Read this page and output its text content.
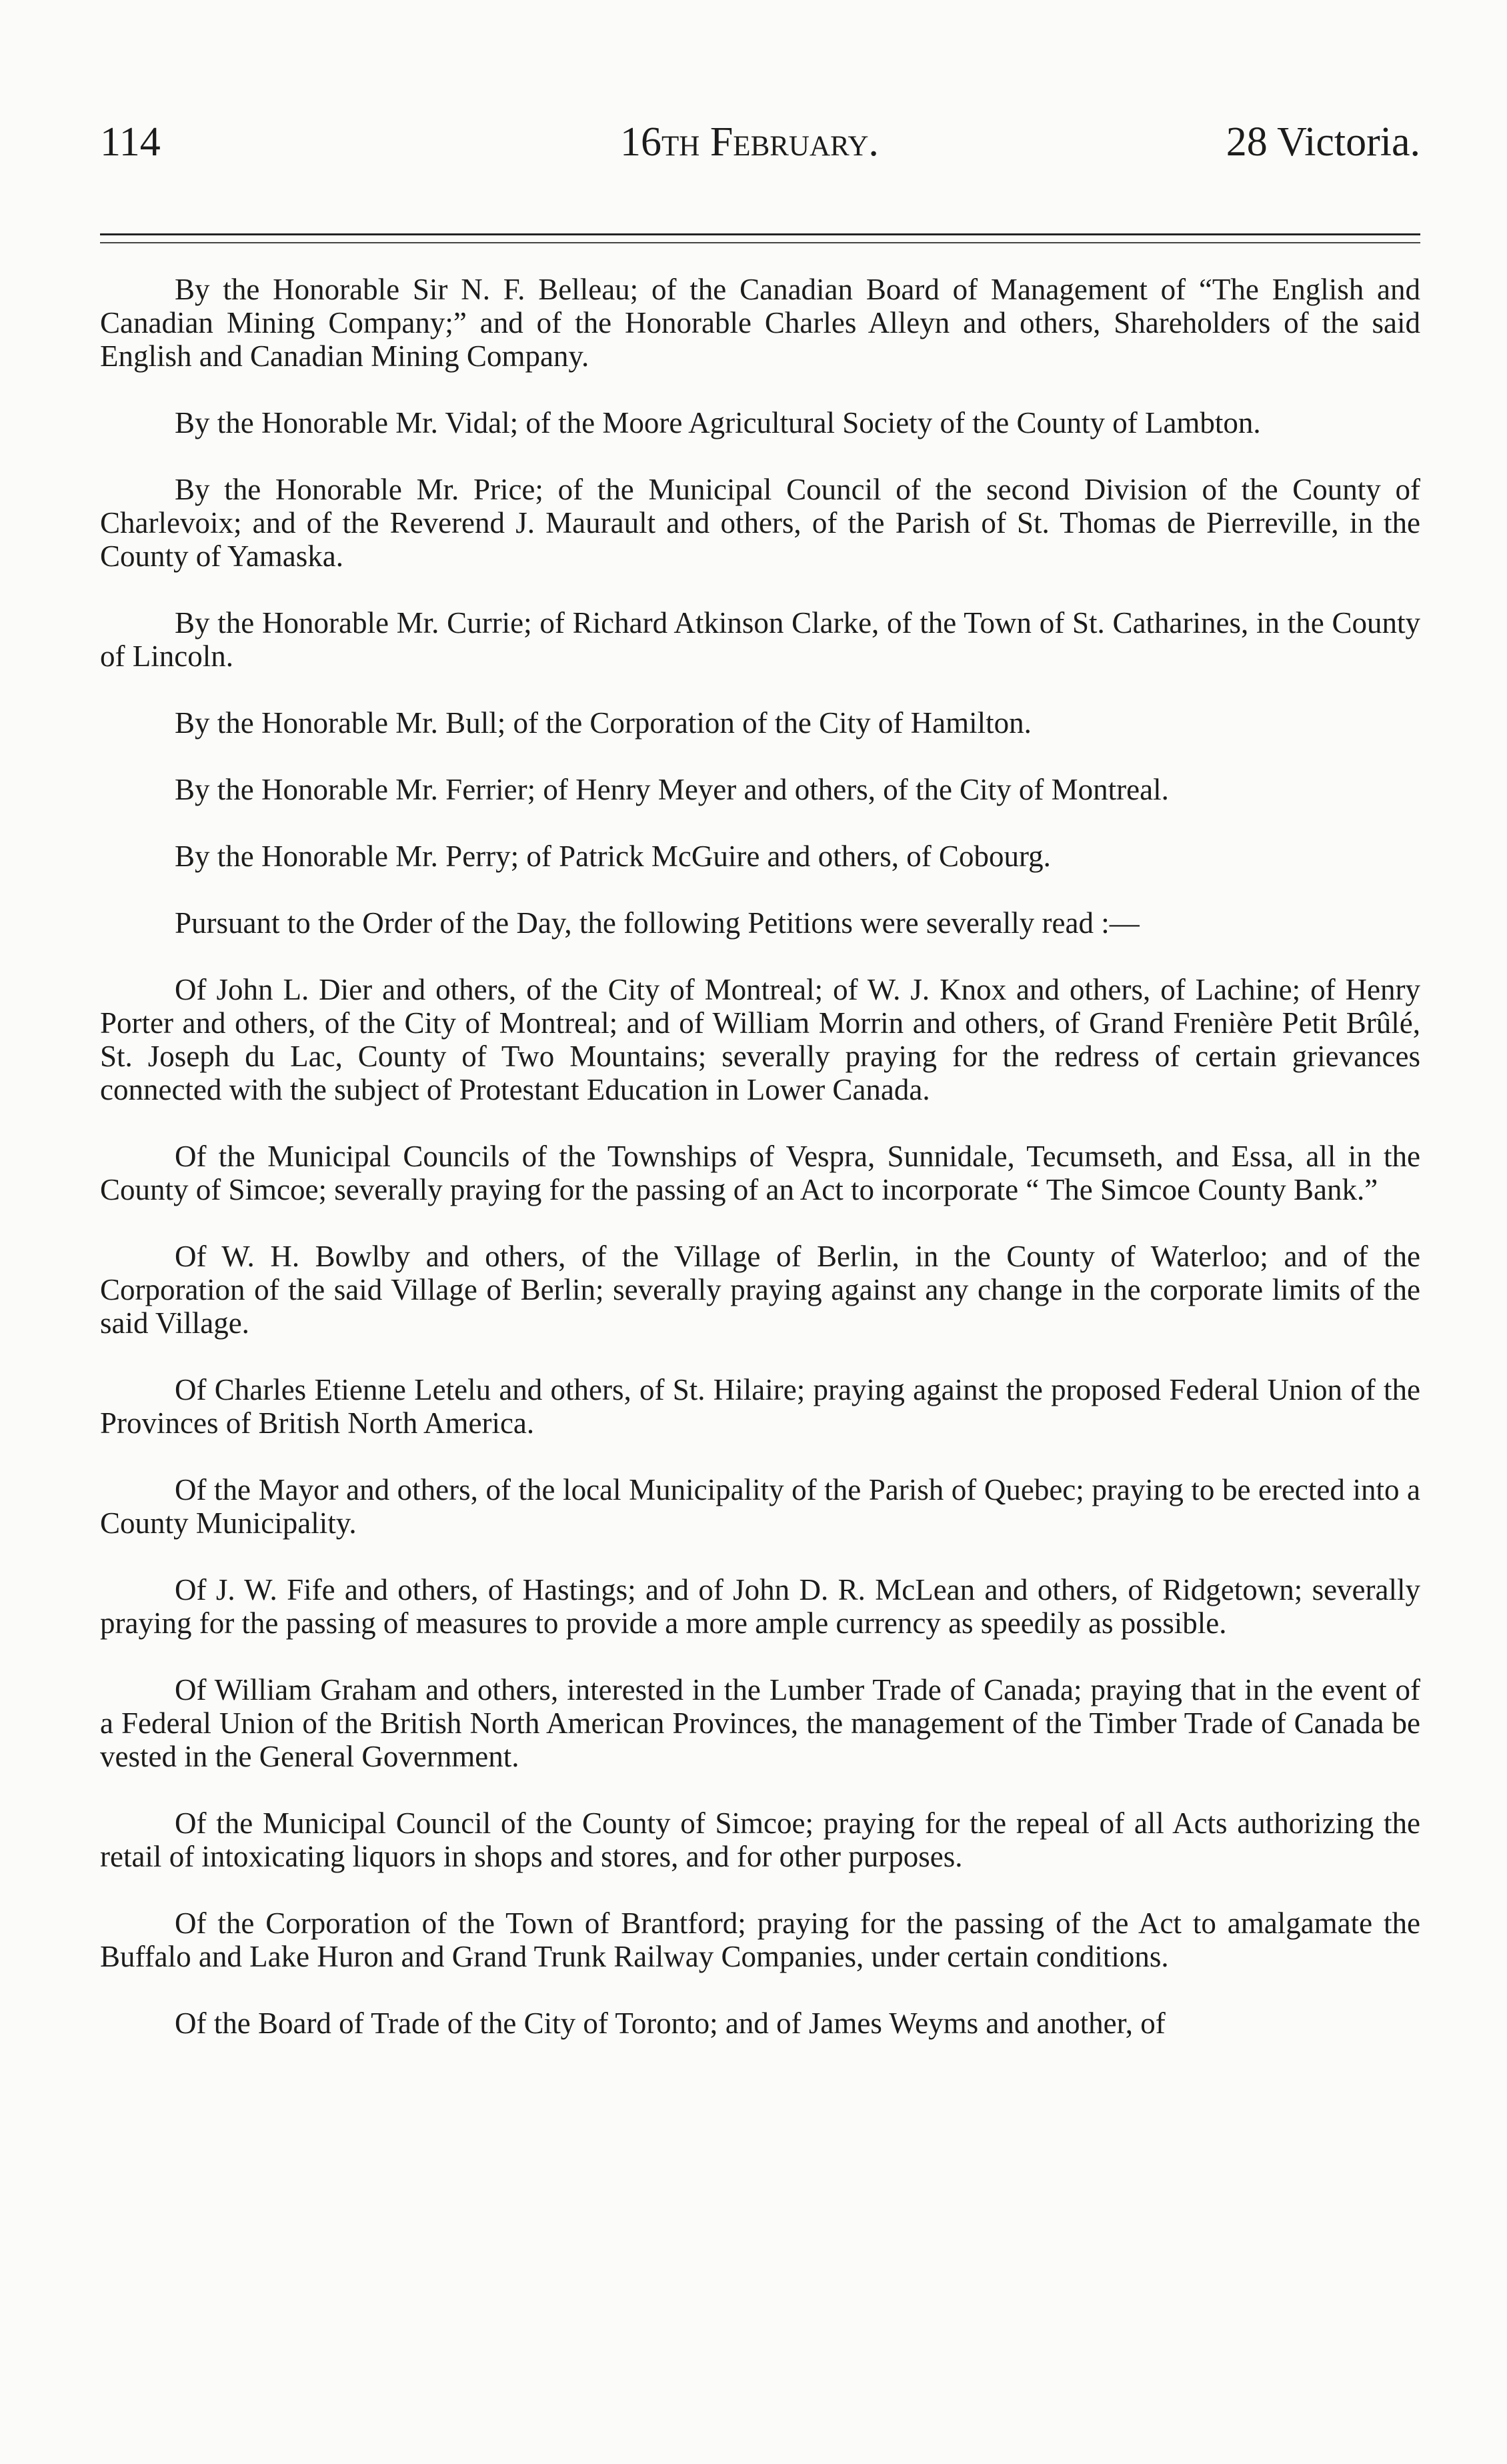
114	16th February.	28 Victoria.

By the Honorable Sir N. F. Belleau; of the Canadian Board of Management of “The English and Canadian Mining Company;” and of the Honorable Charles Alleyn and others, Shareholders of the said English and Canadian Mining Company.

By the Honorable Mr. Vidal; of the Moore Agricultural Society of the County of Lambton.

By the Honorable Mr. Price; of the Municipal Council of the second Division of the County of Charlevoix; and of the Reverend J. Maurault and others, of the Parish of St. Thomas de Pierreville, in the County of Yamaska.

By the Honorable Mr. Currie; of Richard Atkinson Clarke, of the Town of St. Catharines, in the County of Lincoln.

By the Honorable Mr. Bull; of the Corporation of the City of Hamilton.

By the Honorable Mr. Ferrier; of Henry Meyer and others, of the City of Montreal.

By the Honorable Mr. Perry; of Patrick McGuire and others, of Cobourg.

Pursuant to the Order of the Day, the following Petitions were severally read :—

Of John L. Dier and others, of the City of Montreal; of W. J. Knox and others, of Lachine; of Henry Porter and others, of the City of Montreal; and of William Morrin and others, of Grand Frenière Petit Brûlé, St. Joseph du Lac, County of Two Mountains; severally praying for the redress of certain grievances connected with the subject of Protestant Education in Lower Canada.

Of the Municipal Councils of the Townships of Vespra, Sunnidale, Tecumseth, and Essa, all in the County of Simcoe; severally praying for the passing of an Act to incorporate “ The Simcoe County Bank.”

Of W. H. Bowlby and others, of the Village of Berlin, in the County of Waterloo; and of the Corporation of the said Village of Berlin; severally praying against any change in the corporate limits of the said Village.

Of Charles Etienne Letelu and others, of St. Hilaire; praying against the proposed Federal Union of the Provinces of British North America.

Of the Mayor and others, of the local Municipality of the Parish of Quebec; praying to be erected into a County Municipality.

Of J. W. Fife and others, of Hastings; and of John D. R. McLean and others, of Ridgetown; severally praying for the passing of measures to provide a more ample currency as speedily as possible.

Of William Graham and others, interested in the Lumber Trade of Canada; praying that in the event of a Federal Union of the British North American Provinces, the management of the Timber Trade of Canada be vested in the General Government.

Of the Municipal Council of the County of Simcoe; praying for the repeal of all Acts authorizing the retail of intoxicating liquors in shops and stores, and for other purposes.

Of the Corporation of the Town of Brantford; praying for the passing of the Act to amalgamate the Buffalo and Lake Huron and Grand Trunk Railway Companies, under certain conditions.

Of the Board of Trade of the City of Toronto; and of James Weyms and another, of
